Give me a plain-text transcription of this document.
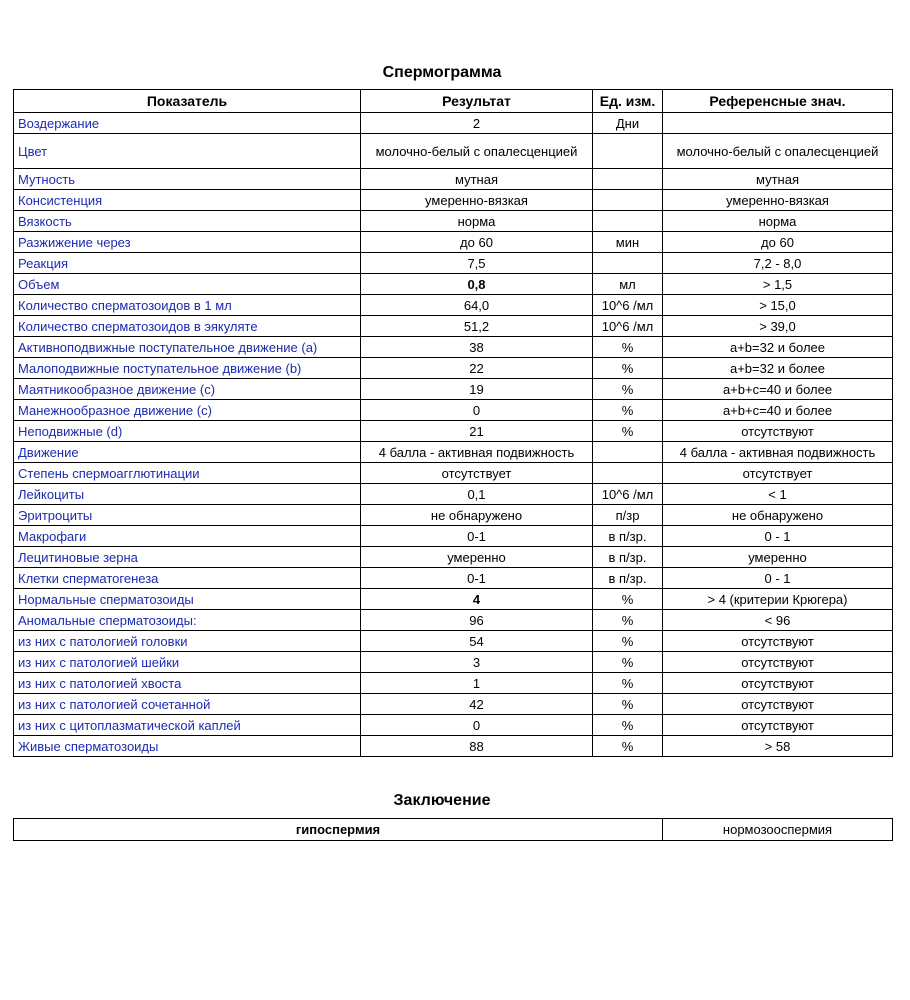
Спермограмма
Показатель	Результат	Ед. изм.	Референсные знач.
Воздержание	2	Дни	
Цвет	молочно-белый с опалесценцией		молочно-белый с опалесценцией
Мутность	мутная		мутная
Консистенция	умеренно-вязкая		умеренно-вязкая
Вязкость	норма		норма
Разжижение через	до 60	мин	до 60
Реакция	7,5		7,2 - 8,0
Объем	0,8	мл	> 1,5
Количество сперматозоидов в 1 мл	64,0	10^6 /мл	> 15,0
Количество сперматозоидов в эякуляте	51,2	10^6 /мл	> 39,0
Активноподвижные поступательное движение (a)	38	%	a+b=32 и более
Малоподвижные поступательное движение (b)	22	%	a+b=32 и более
Маятникообразное движение (c)	19	%	a+b+c=40 и более
Манежнообразное движение (c)	0	%	a+b+c=40 и более
Неподвижные (d)	21	%	отсутствуют
Движение	4 балла - активная подвижность		4 балла - активная подвижность
Степень спермоагглютинации	отсутствует		отсутствует
Лейкоциты	0,1	10^6 /мл	< 1
Эритроциты	не обнаружено	п/зр	не обнаружено
Макрофаги	0-1	в п/зр.	0 - 1
Лецитиновые зерна	умеренно	в п/зр.	умеренно
Клетки сперматогенеза	0-1	в п/зр.	0 - 1
Нормальные сперматозоиды	4	%	> 4 (критерии Крюгера)
Аномальные сперматозоиды:	96	%	< 96
из них с патологией головки	54	%	отсутствуют
из них с патологией шейки	3	%	отсутствуют
из них с патологией хвоста	1	%	отсутствуют
из них с патологией сочетанной	42	%	отсутствуют
из них с цитоплазматической каплей	0	%	отсутствуют
Живые сперматозоиды	88	%	> 58
Заключение
гипоспермия	нормозооспермия
